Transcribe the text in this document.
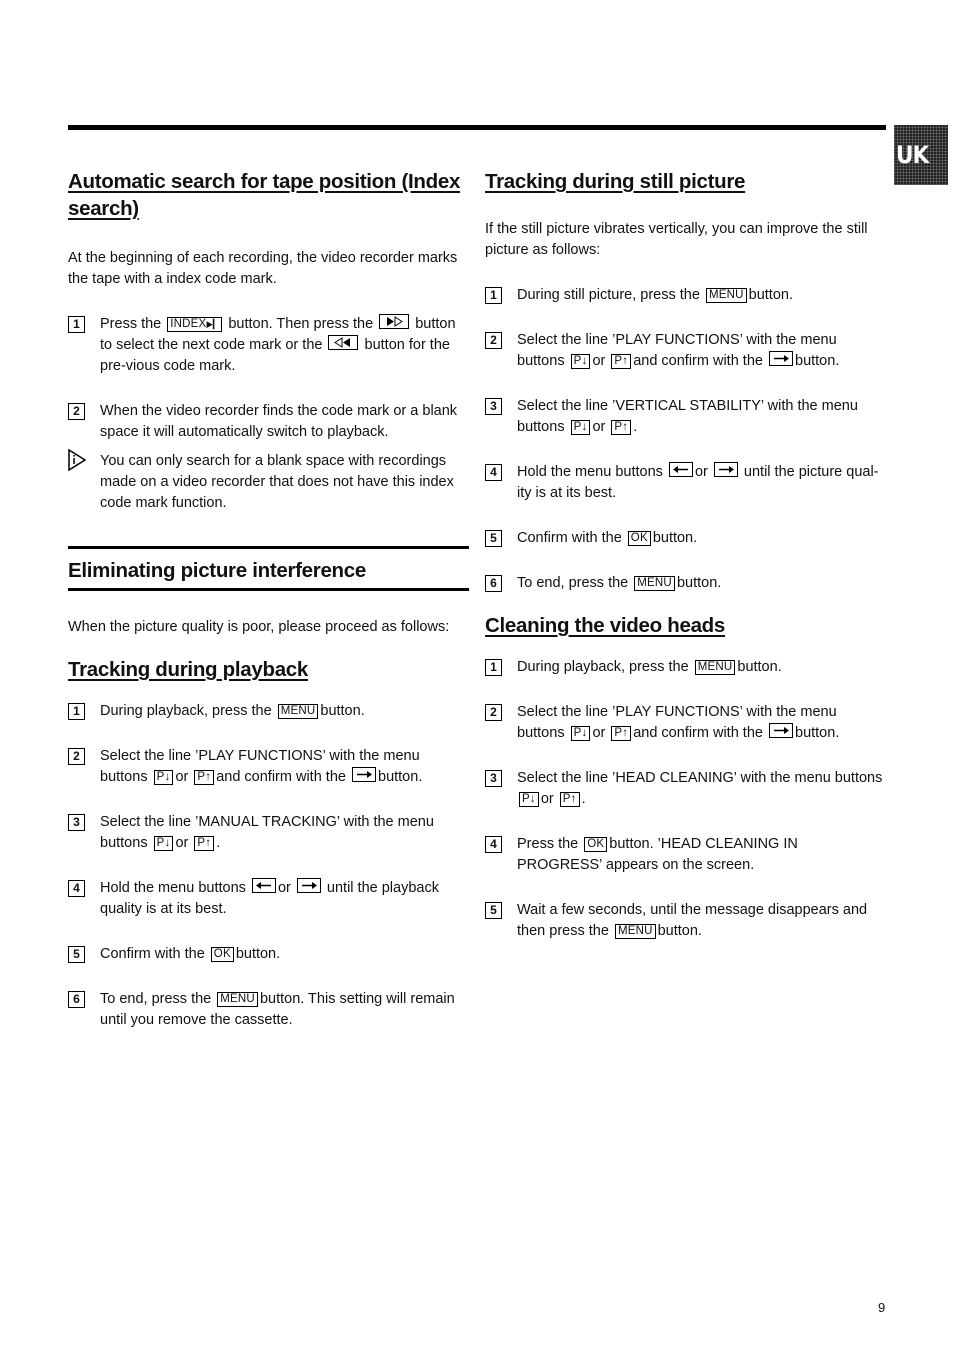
UK
Automatic search for tape position (Index search)

At the beginning of each recording, the video recorder marks the tape with a index code mark.

1	Press the INDEX▶▎ button. Then press the	button to select the next code mark or the	button for the pre-vious code mark.
2	When the video recorder finds the code mark or a blank space it will automatically switch to playback.
You can only search for a blank space with recordings made on a video recorder that does not have this index code mark function.
Eliminating picture interference

When the picture quality is poor, please proceed as follows:

Tracking during playback
1	During playback, press the MENU button.
2	Select the line ’PLAY FUNCTIONS’ with the menu buttons P↓ or P↑ and confirm with the button.
3	Select the line ’MANUAL TRACKING’ with the menu buttons P↓ or P↑ .
4	Hold the menu buttons or until the playback quality is at its best.
5	Confirm with the OK button.
6	To end, press the MENU button. This setting will remain until you remove the cassette.
Tracking during still picture

If the still picture vibrates vertically, you can improve the still picture as follows:

1	During still picture, press the MENU button.
2	Select the line ’PLAY FUNCTIONS’ with the menu buttons P↓ or P↑ and confirm with the button.
3	Select the line ’VERTICAL STABILITY’ with the menu buttons P↓ or P↑ .
4	Hold the menu buttons or until the picture qual-ity is at its best.
5	Confirm with the OK button.
6	To end, press the MENU button.
Cleaning the video heads
1	During playback, press the MENU button.
2	Select the line ’PLAY FUNCTIONS’ with the menu buttons P↓ or P↑ and confirm with the button.
3	Select the line ’HEAD CLEANING’ with the menu buttons P↓ or P↑ .
4	Press the OK button. ’HEAD CLEANING IN PROGRESS’ appears on the screen.
5	Wait a few seconds, until the message disappears and then press the MENU button.
9
